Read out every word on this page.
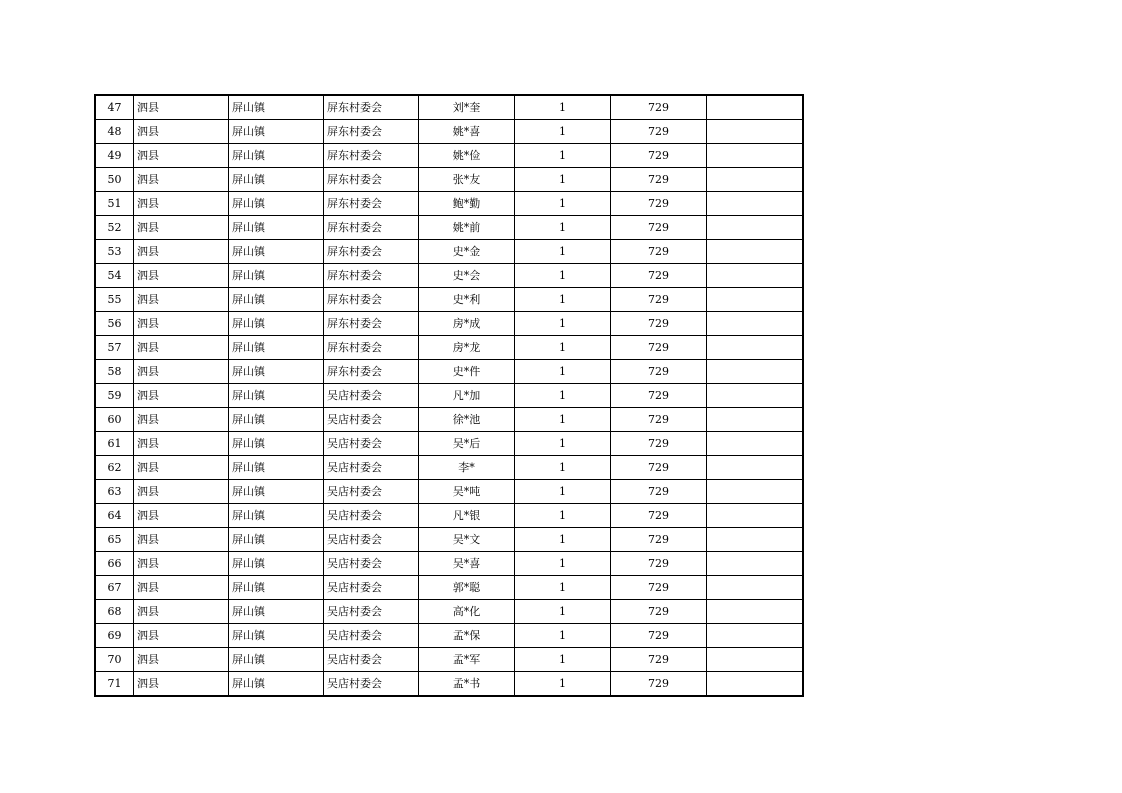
47	泗县	屏山镇	屏东村委会	刘*奎	1	729	
48	泗县	屏山镇	屏东村委会	姚*喜	1	729	
49	泗县	屏山镇	屏东村委会	姚*俭	1	729	
50	泗县	屏山镇	屏东村委会	张*友	1	729	
51	泗县	屏山镇	屏东村委会	鲍*勤	1	729	
52	泗县	屏山镇	屏东村委会	姚*前	1	729	
53	泗县	屏山镇	屏东村委会	史*金	1	729	
54	泗县	屏山镇	屏东村委会	史*会	1	729	
55	泗县	屏山镇	屏东村委会	史*利	1	729	
56	泗县	屏山镇	屏东村委会	房*成	1	729	
57	泗县	屏山镇	屏东村委会	房*龙	1	729	
58	泗县	屏山镇	屏东村委会	史*件	1	729	
59	泗县	屏山镇	吴店村委会	凡*加	1	729	
60	泗县	屏山镇	吴店村委会	徐*池	1	729	
61	泗县	屏山镇	吴店村委会	吴*后	1	729	
62	泗县	屏山镇	吴店村委会	李*	1	729	
63	泗县	屏山镇	吴店村委会	吴*吨	1	729	
64	泗县	屏山镇	吴店村委会	凡*银	1	729	
65	泗县	屏山镇	吴店村委会	吴*文	1	729	
66	泗县	屏山镇	吴店村委会	吴*喜	1	729	
67	泗县	屏山镇	吴店村委会	郭*聪	1	729	
68	泗县	屏山镇	吴店村委会	高*化	1	729	
69	泗县	屏山镇	吴店村委会	孟*保	1	729	
70	泗县	屏山镇	吴店村委会	孟*军	1	729	
71	泗县	屏山镇	吴店村委会	孟*书	1	729	
